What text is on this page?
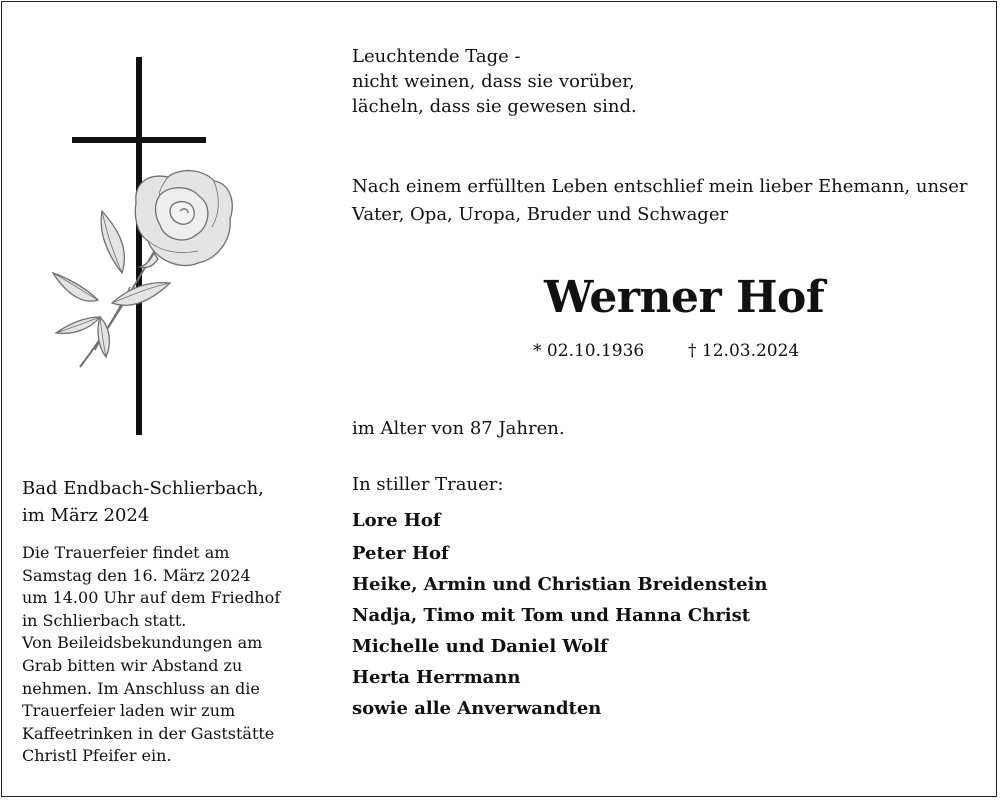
Leuchtende Tage -
nicht weinen, dass sie vorüber,
lächeln, dass sie gewesen sind.
Nach einem erfüllten Leben entschlief mein lieber Ehemann, unser
Vater, Opa, Uropa, Bruder und Schwager
Werner Hof
* 02.10.1936	† 12.03.2024
im Alter von 87 Jahren.
In stiller Trauer:
Lore Hof
Peter Hof
Heike, Armin und Christian Breidenstein
Nadja, Timo mit Tom und Hanna Christ
Michelle und Daniel Wolf
Herta Herrmann
sowie alle Anverwandten
Bad Endbach-Schlierbach,
im März 2024
Die Trauerfeier findet am
Samstag den 16. März 2024
um 14.00 Uhr auf dem Friedhof
in Schlierbach statt.
Von Beileidsbekundungen am
Grab bitten wir Abstand zu
nehmen. Im Anschluss an die
Trauerfeier laden wir zum
Kaffeetrinken in der Gaststätte
Christl Pfeifer ein.
